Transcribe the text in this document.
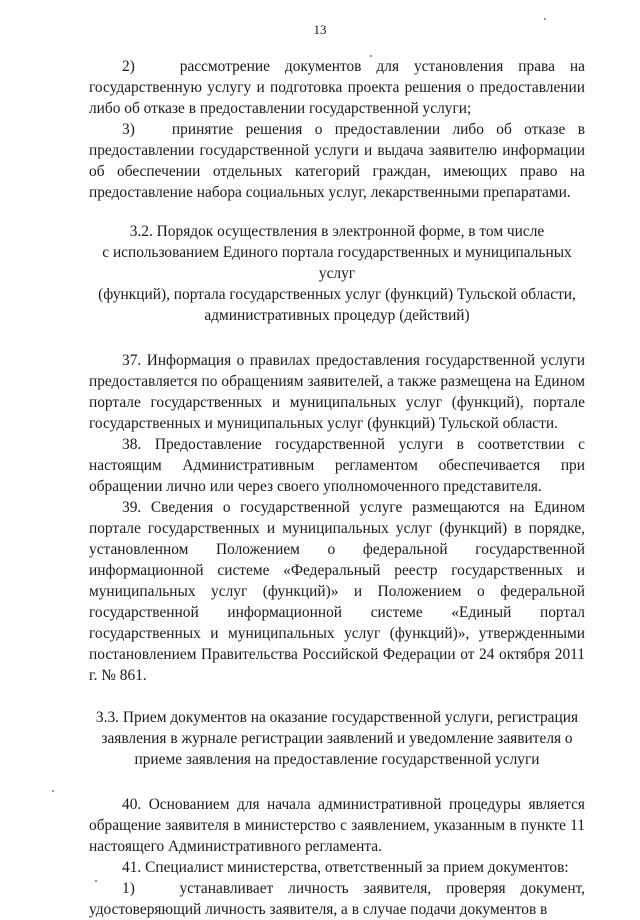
13

2)   рассмотрение документов для установления права на государственную услугу и подготовка проекта решения о предоставлении либо об отказе в предоставлении государственной услуги;

3)   принятие решения о предоставлении либо об отказе в предоставлении государственной услуги и выдача заявителю информации об обеспечении отдельных категорий граждан, имеющих право на предоставление набора социальных услуг, лекарственными препаратами.

3.2. Порядок осуществления в электронной форме, в том числе
с использованием Единого портала государственных и муниципальных услуг
(функций), портала государственных услуг (функций) Тульской области,
административных процедур (действий)

37. Информация о правилах предоставления государственной услуги предоставляется по обращениям заявителей, а также размещена на Едином портале государственных и муниципальных услуг (функций), портале государственных и муниципальных услуг (функций) Тульской области.

38. Предоставление государственной услуги в соответствии с настоящим Административным регламентом обеспечивается при обращении лично или через своего уполномоченного представителя.

39. Сведения о государственной услуге размещаются на Едином портале государственных и муниципальных услуг (функций) в порядке, установленном Положением о федеральной государственной информационной системе «Федеральный реестр государственных и муниципальных услуг (функций)» и Положением о федеральной государственной информационной системе «Единый портал государственных и муниципальных услуг (функций)», утвержденными постановлением Правительства Российской Федерации от 24 октября 2011 г. № 861.

3.3. Прием документов на оказание государственной услуги, регистрация
заявления в журнале регистрации заявлений и уведомление заявителя о
приеме заявления на предоставление государственной услуги

40. Основанием для начала административной процедуры является обращение заявителя в министерство с заявлением, указанным в пункте 11 настоящего Административного регламента.

41. Специалист министерства, ответственный за прием документов:

1)   устанавливает личность заявителя, проверяя документ, удостоверяющий личность заявителя, а в случае подачи документов в
